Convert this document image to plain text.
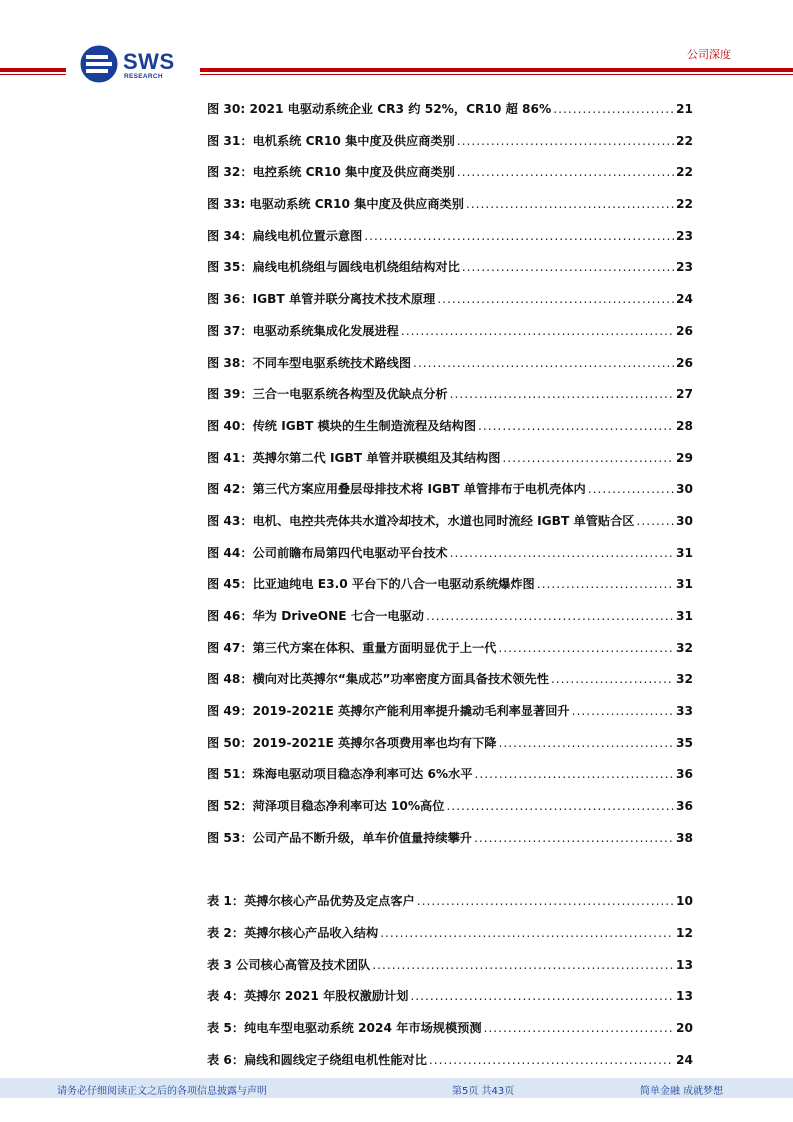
SWS
RESEARCH
公司深度
图 30: 2021 电驱动系统企业 CR3 约 52%，CR10 超 86% .....	21
图 31：电机系统 CR10 集中度及供应商类别 .....	22
图 32：电控系统 CR10 集中度及供应商类别 .....	22
图 33: 电驱动系统 CR10 集中度及供应商类别 .....	22
图 34：扁线电机位置示意图 .....	23
图 35：扁线电机绕组与圆线电机绕组结构对比 .....	23
图 36：IGBT 单管并联分离技术技术原理 .....	24
图 37：电驱动系统集成化发展进程 .....	26
图 38：不同车型电驱系统技术路线图 .....	26
图 39：三合一电驱系统各构型及优缺点分析 .....	27
图 40：传统 IGBT 模块的生生制造流程及结构图 .....	28
图 41：英搏尔第二代 IGBT 单管并联模组及其结构图 .....	29
图 42：第三代方案应用叠层母排技术将 IGBT 单管排布于电机壳体内 .....	30
图 43：电机、电控共壳体共水道冷却技术，水道也同时流经 IGBT 单管贴合区 .....	30
图 44：公司前瞻布局第四代电驱动平台技术 .....	31
图 45：比亚迪纯电 E3.0 平台下的八合一电驱动系统爆炸图 .....	31
图 46：华为 DriveONE 七合一电驱动 .....	31
图 47：第三代方案在体积、重量方面明显优于上一代 .....	32
图 48：横向对比英搏尔“集成芯”功率密度方面具备技术领先性 .....	32
图 49：2019-2021E 英搏尔产能利用率提升撬动毛利率显著回升 .....	33
图 50：2019-2021E 英搏尔各项费用率也均有下降 .....	35
图 51：珠海电驱动项目稳态净利率可达 6%水平 .....	36
图 52：菏泽项目稳态净利率可达 10%高位 .....	36
图 53：公司产品不断升级，单车价值量持续攀升 .....	38
表 1：英搏尔核心产品优势及定点客户 .....	10
表 2：英搏尔核心产品收入结构 .....	12
表 3 公司核心高管及技术团队 .....	13
表 4：英搏尔 2021 年股权激励计划 .....	13
表 5：纯电车型电驱动系统 2024 年市场规模预测 .....	20
表 6：扁线和圆线定子绕组电机性能对比 .....	24
请务必仔细阅读正文之后的各项信息披露与声明	第5页 共43页	简单金融 成就梦想
